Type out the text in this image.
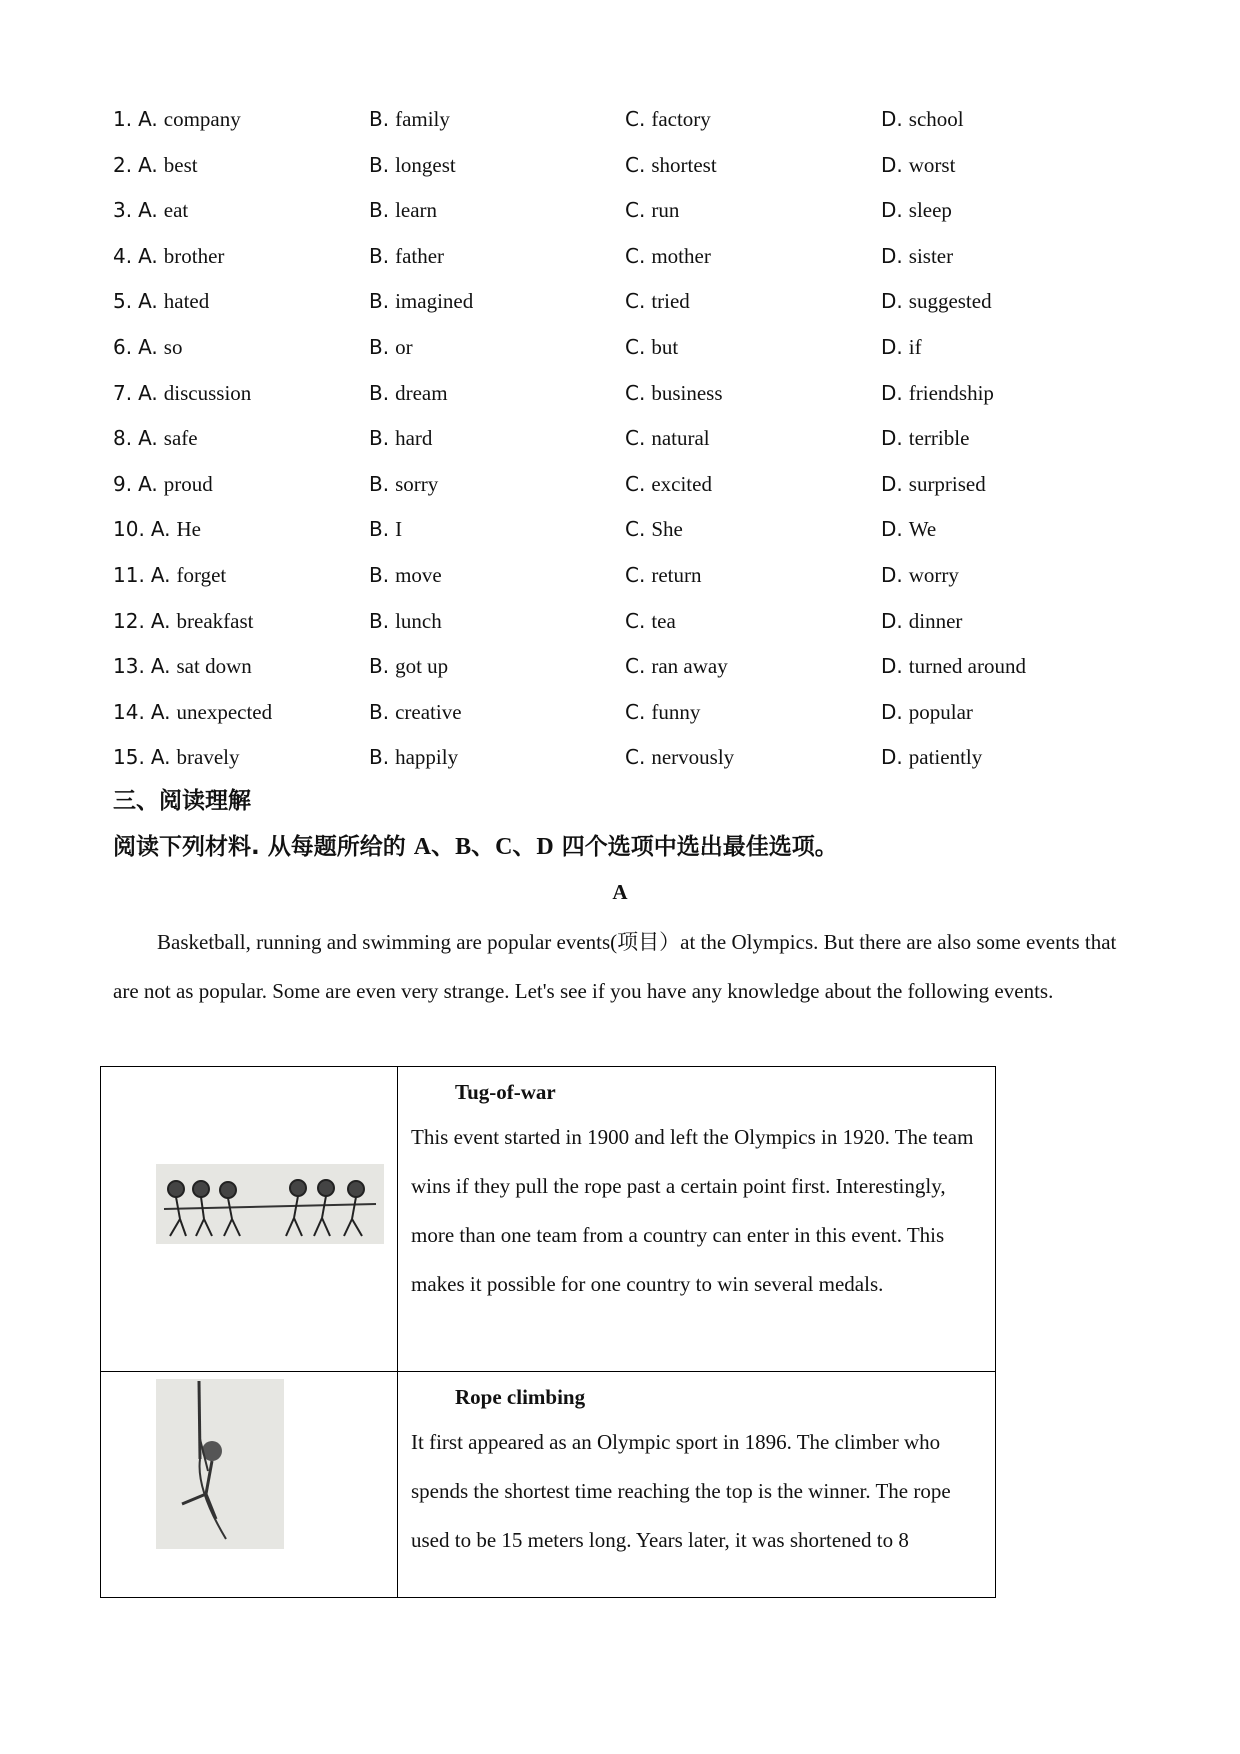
1. A. company	B. family	C. factory	D. school
2. A. best	B. longest	C. shortest	D. worst
3. A. eat	B. learn	C. run	D. sleep
4. A. brother	B. father	C. mother	D. sister
5. A. hated	B. imagined	C. tried	D. suggested
6. A. so	B. or	C. but	D. if
7. A. discussion	B. dream	C. business	D. friendship
8. A. safe	B. hard	C. natural	D. terrible
9. A. proud	B. sorry	C. excited	D. surprised
10. A. He	B. I	C. She	D. We
11. A. forget	B. move	C. return	D. worry
12. A. breakfast	B. lunch	C. tea	D. dinner
13. A. sat down	B. got up	C. ran away	D. turned around
14. A. unexpected	B. creative	C. funny	D. popular
15. A. bravely	B. happily	C. nervously	D. patiently
三、阅读理解
阅读下列材料. 从每题所给的 A、B、C、D 四个选项中选出最佳选项。
A

Basketball, running and swimming are popular events(项目）at the Olympics. But there are also some events that are not as popular. Some are even very strange. Let's see if you have any knowledge about the following events.

Tug-of-war

This event started in 1900 and left the Olympics in 1920. The team wins if they pull the rope past a certain point first. Interestingly, more than one team from a country can enter in this event. This makes it possible for one country to win several medals.

Rope climbing

It first appeared as an Olympic sport in 1896. The climber who spends the shortest time reaching the top is the winner. The rope used to be 15 meters long. Years later, it was shortened to 8
